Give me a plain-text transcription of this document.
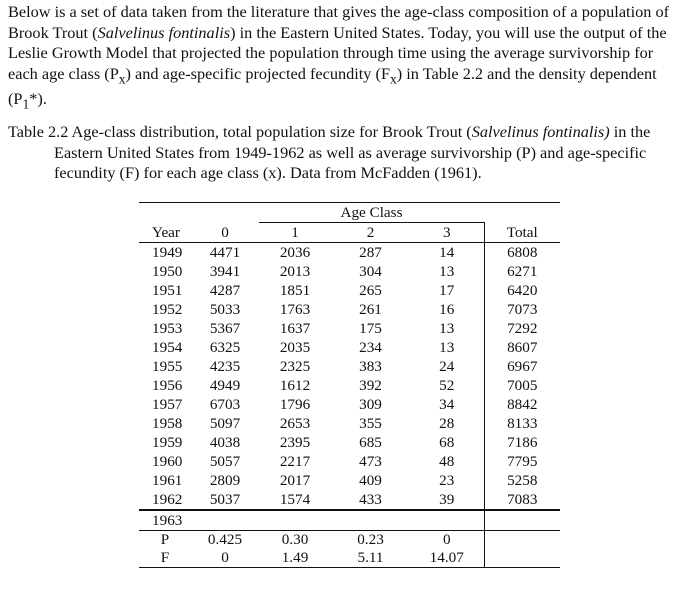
Below is a set of data taken from the literature that gives the age-class composition of a population of
Brook Trout (Salvelinus fontinalis) in the Eastern United States. Today, you will use the output of the
Leslie Growth Model that projected the population through time using the average survivorship for
each age class $(P_x)$ and age-specific projected fecundity $(F_x)$ in Table 2.2 and the density dependent
$(P_1*)$.

Table 2.2 Age-class distribution, total population size for Brook Trout (Salvelinus fontinalis) in the Eastern United States from 1949-1962 as well as average survivorship (P) and age-specific fecundity (F) for each age class (x). Data from McFadden (1961).

		Age Class			
Year	0	1	2	3	Total
1949	4471	2036	287	14	6808
1950	3941	2013	304	13	6271
1951	4287	1851	265	17	6420
1952	5033	1763	261	16	7073
1953	5367	1637	175	13	7292
1954	6325	2035	234	13	8607
1955	4235	2325	383	24	6967
1956	4949	1612	392	52	7005
1957	6703	1796	309	34	8842
1958	5097	2653	355	28	8133
1959	4038	2395	685	68	7186
1960	5057	2217	473	48	7795
1961	2809	2017	409	23	5258
1962	5037	1574	433	39	7083
1963					
P	0.425	0.30	0.23	0	
F	0	1.49	5.11	14.07	
